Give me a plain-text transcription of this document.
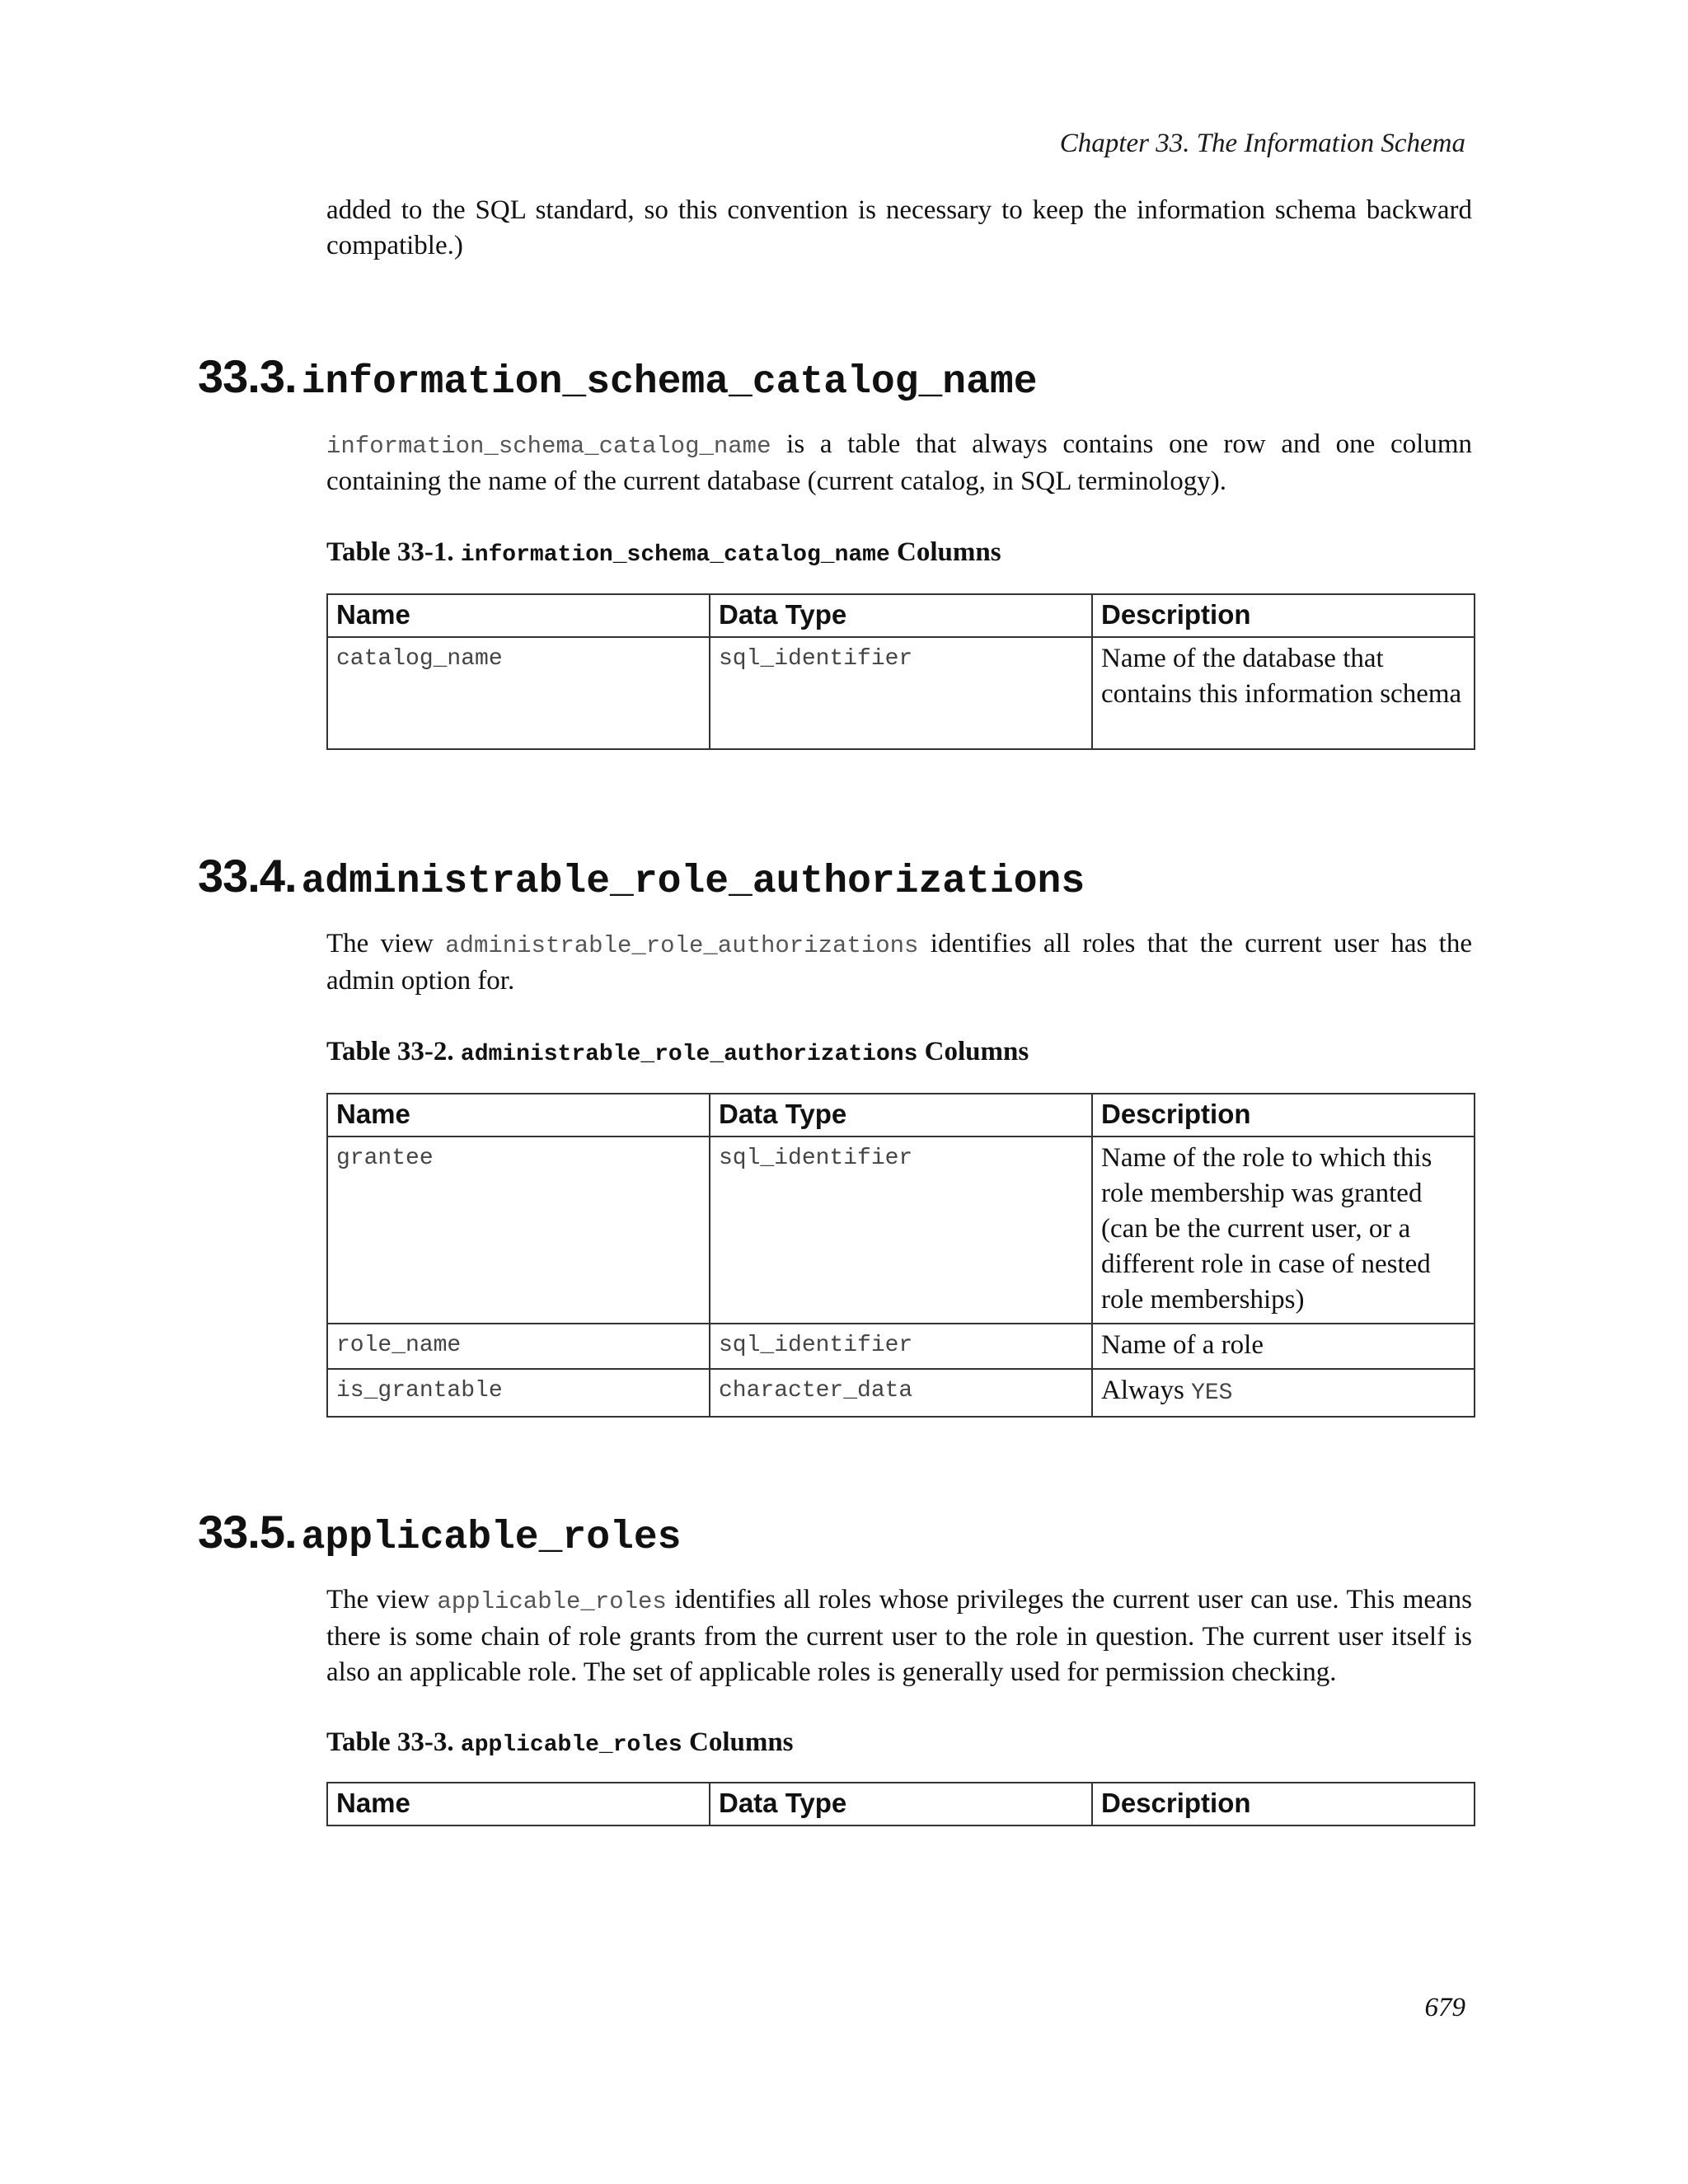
Chapter 33. The Information Schema

added to the SQL standard, so this convention is necessary to keep the information schema backward compatible.)

33.3. information_schema_catalog_name

information_schema_catalog_name is a table that always contains one row and one column containing the name of the current database (current catalog, in SQL terminology).

Table 33-1. information_schema_catalog_name Columns
Name	Data Type	Description
catalog_name	sql_identifier	Name of the database that contains this information schema
33.4. administrable_role_authorizations

The view administrable_role_authorizations identifies all roles that the current user has the admin option for.

Table 33-2. administrable_role_authorizations Columns
Name	Data Type	Description
grantee	sql_identifier	Name of the role to which this role membership was granted (can be the current user, or a different role in case of nested role memberships)
role_name	sql_identifier	Name of a role
is_grantable	character_data	Always YES
33.5. applicable_roles

The view applicable_roles identifies all roles whose privileges the current user can use. This means there is some chain of role grants from the current user to the role in question. The current user itself is also an applicable role. The set of applicable roles is generally used for permission checking.

Table 33-3. applicable_roles Columns
Name	Data Type	Description
679
